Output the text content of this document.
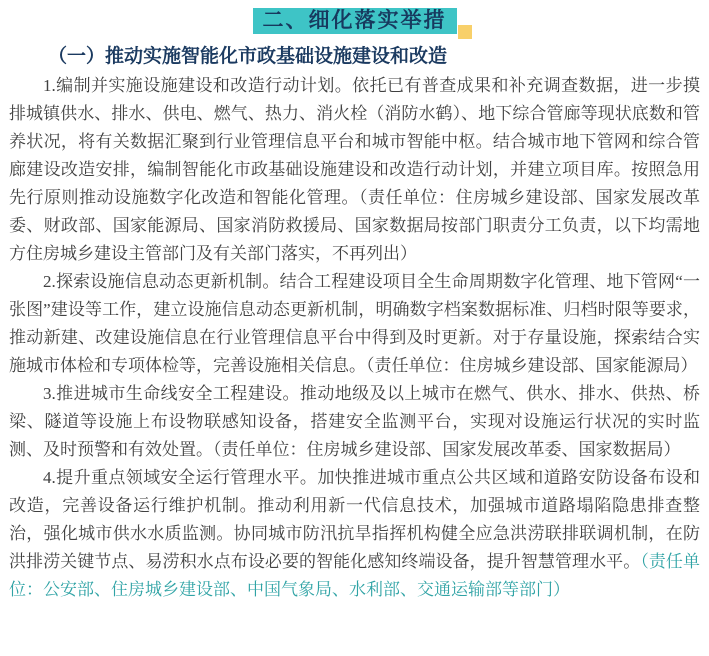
二、细化落实举措
（一）推动实施智能化市政基础设施建设和改造

1.编制并实施设施建设和改造行动计划。依托已有普查成果和补充调查数据，进一步摸排城镇供水、排水、供电、燃气、热力、消火栓（消防水鹤）、地下综合管廊等现状底数和管养状况，将有关数据汇聚到行业管理信息平台和城市智能中枢。结合城市地下管网和综合管廊建设改造安排，编制智能化市政基础设施建设和改造行动计划，并建立项目库。按照急用先行原则推动设施数字化改造和智能化管理。（责任单位：住房城乡建设部、国家发展改革委、财政部、国家能源局、国家消防救援局、国家数据局按部门职责分工负责，以下均需地方住房城乡建设主管部门及有关部门落实，不再列出）

2.探索设施信息动态更新机制。结合工程建设项目全生命周期数字化管理、地下管网“一张图”建设等工作，建立设施信息动态更新机制，明确数字档案数据标准、归档时限等要求，推动新建、改建设施信息在行业管理信息平台中得到及时更新。对于存量设施，探索结合实施城市体检和专项体检等，完善设施相关信息。（责任单位：住房城乡建设部、国家能源局）

3.推进城市生命线安全工程建设。推动地级及以上城市在燃气、供水、排水、供热、桥梁、隧道等设施上布设物联感知设备，搭建安全监测平台，实现对设施运行状况的实时监测、及时预警和有效处置。（责任单位：住房城乡建设部、国家发展改革委、国家数据局）

4.提升重点领域安全运行管理水平。加快推进城市重点公共区域和道路安防设备布设和改造，完善设备运行维护机制。推动利用新一代信息技术，加强城市道路塌陷隐患排查整治，强化城市供水水质监测。协同城市防汛抗旱指挥机构健全应急洪涝联排联调机制，在防洪排涝关键节点、易涝积水点布设必要的智能化感知终端设备，提升智慧管理水平。（责任单位：公安部、住房城乡建设部、中国气象局、水利部、交通运输部等部门）
